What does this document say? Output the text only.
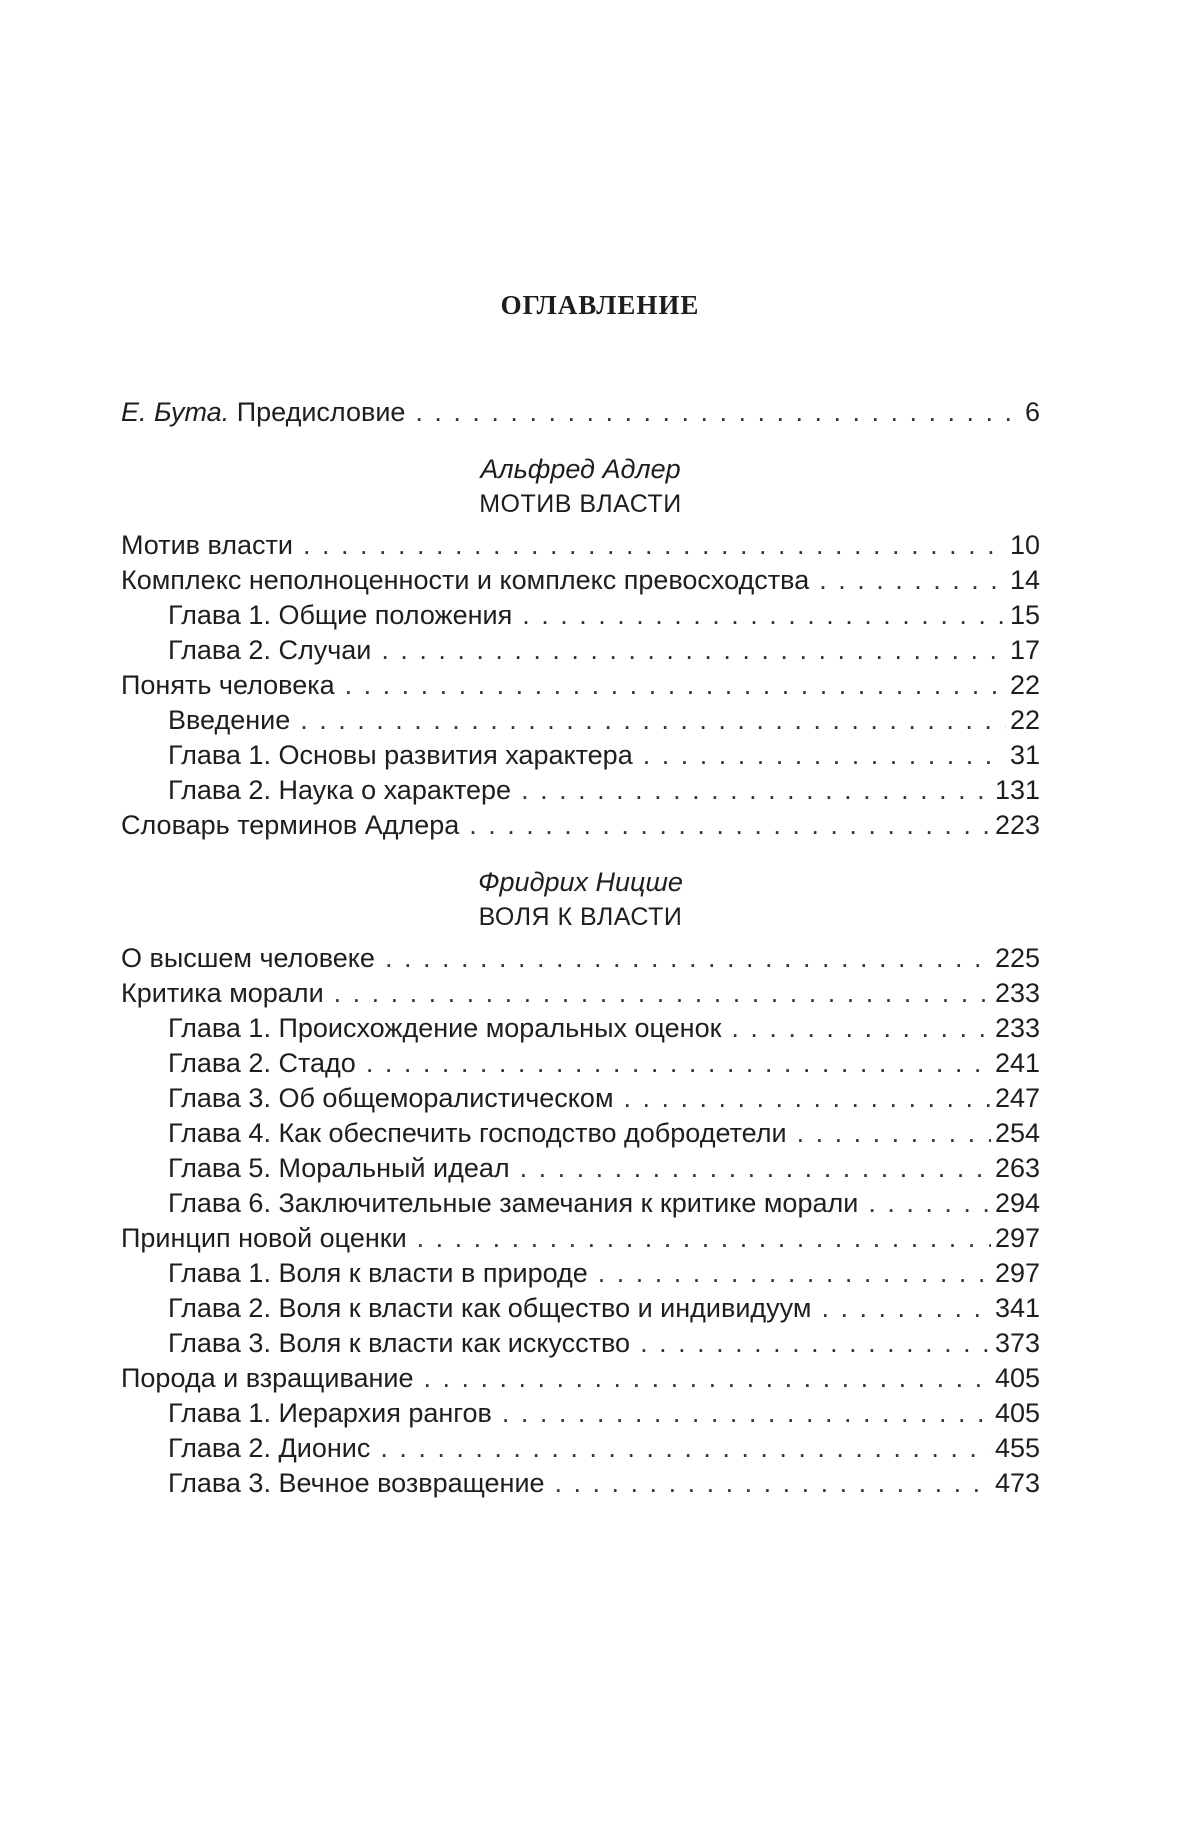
ОГЛАВЛЕНИЕ
Е. Бута. Предисловие . . .	6
Альфред Адлер
МОТИВ ВЛАСТИ
Мотив власти . . .	10
Комплекс неполноценности и комплекс превосходства . . .	14
Глава 1. Общие положения . . .	15
Глава 2. Случаи . . .	17
Понять человека . . .	22
Введение . . .	22
Глава 1. Основы развития характера . . .	31
Глава 2. Наука о характере . . .	131
Словарь терминов Адлера . . .	223
Фридрих Ницше
ВОЛЯ К ВЛАСТИ
О высшем человеке . . .	225
Критика морали . . .	233
Глава 1. Происхождение моральных оценок . . .	233
Глава 2. Стадо . . .	241
Глава 3. Об общеморалистическом . . .	247
Глава 4. Как обеспечить господство добродетели . . .	254
Глава 5. Моральный идеал . . .	263
Глава 6. Заключительные замечания к критике морали . . .	294
Принцип новой оценки . . .	297
Глава 1. Воля к власти в природе . . .	297
Глава 2. Воля к власти как общество и индивидуум . . .	341
Глава 3. Воля к власти как искусство . . .	373
Порода и взращивание . . .	405
Глава 1. Иерархия рангов . . .	405
Глава 2. Дионис . . .	455
Глава 3. Вечное возвращение . . .	473
